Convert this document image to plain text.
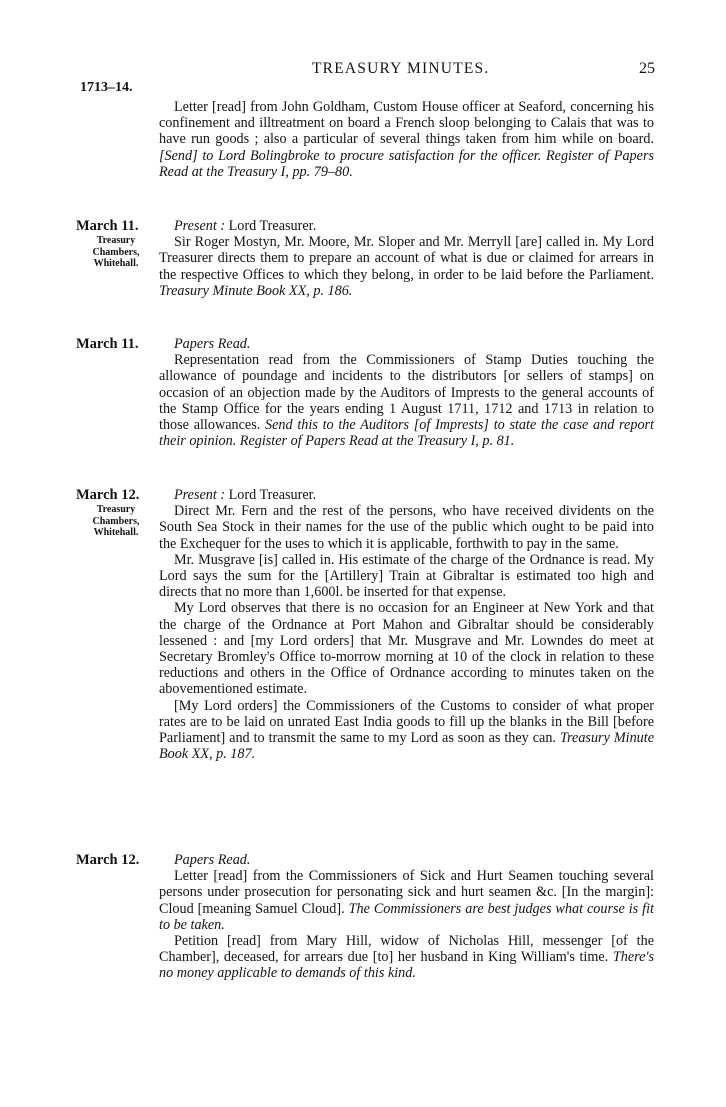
TREASURY MINUTES.	25
1713–14.

Letter [read] from John Goldham, Custom House officer at Seaford, concerning his confinement and illtreatment on board a French sloop belonging to Calais that was to have run goods ; also a particular of several things taken from him while on board. [Send] to Lord Bolingbroke to procure satisfaction for the officer. Register of Papers Read at the Treasury I, pp. 79–80.

March 11.
Treasury Chambers, Whitehall.

Present : Lord Treasurer.

Sir Roger Mostyn, Mr. Moore, Mr. Sloper and Mr. Merryll [are] called in. My Lord Treasurer directs them to prepare an account of what is due or claimed for arrears in the respective Offices to which they belong, in order to be laid before the Parliament. Treasury Minute Book XX, p. 186.

March 11.	Papers Read.

Representation read from the Commissioners of Stamp Duties touching the allowance of poundage and incidents to the distributors [or sellers of stamps] on occasion of an objection made by the Auditors of Imprests to the general accounts of the Stamp Office for the years ending 1 August 1711, 1712 and 1713 in relation to those allowances. Send this to the Auditors [of Imprests] to state the case and report their opinion. Register of Papers Read at the Treasury I, p. 81.

March 12.
Treasury Chambers, Whitehall.

Present : Lord Treasurer.

Direct Mr. Fern and the rest of the persons, who have received dividents on the South Sea Stock in their names for the use of the public which ought to be paid into the Exchequer for the uses to which it is applicable, forthwith to pay in the same.

Mr. Musgrave [is] called in. His estimate of the charge of the Ordnance is read. My Lord says the sum for the [Artillery] Train at Gibraltar is estimated too high and directs that no more than 1,600l. be inserted for that expense.

My Lord observes that there is no occasion for an Engineer at New York and that the charge of the Ordnance at Port Mahon and Gibraltar should be considerably lessened : and [my Lord orders] that Mr. Musgrave and Mr. Lowndes do meet at Secretary Bromley's Office to-morrow morning at 10 of the clock in relation to these reductions and others in the Office of Ordnance according to minutes taken on the abovementioned estimate.

[My Lord orders] the Commissioners of the Customs to consider of what proper rates are to be laid on unrated East India goods to fill up the blanks in the Bill [before Parliament] and to transmit the same to my Lord as soon as they can. Treasury Minute Book XX, p. 187.

March 12.	Papers Read.

Letter [read] from the Commissioners of Sick and Hurt Seamen touching several persons under prosecution for personating sick and hurt seamen &c. [In the margin]: Cloud [meaning Samuel Cloud]. The Commissioners are best judges what course is fit to be taken.

Petition [read] from Mary Hill, widow of Nicholas Hill, messenger [of the Chamber], deceased, for arrears due [to] her husband in King William's time. There's no money applicable to demands of this kind.
